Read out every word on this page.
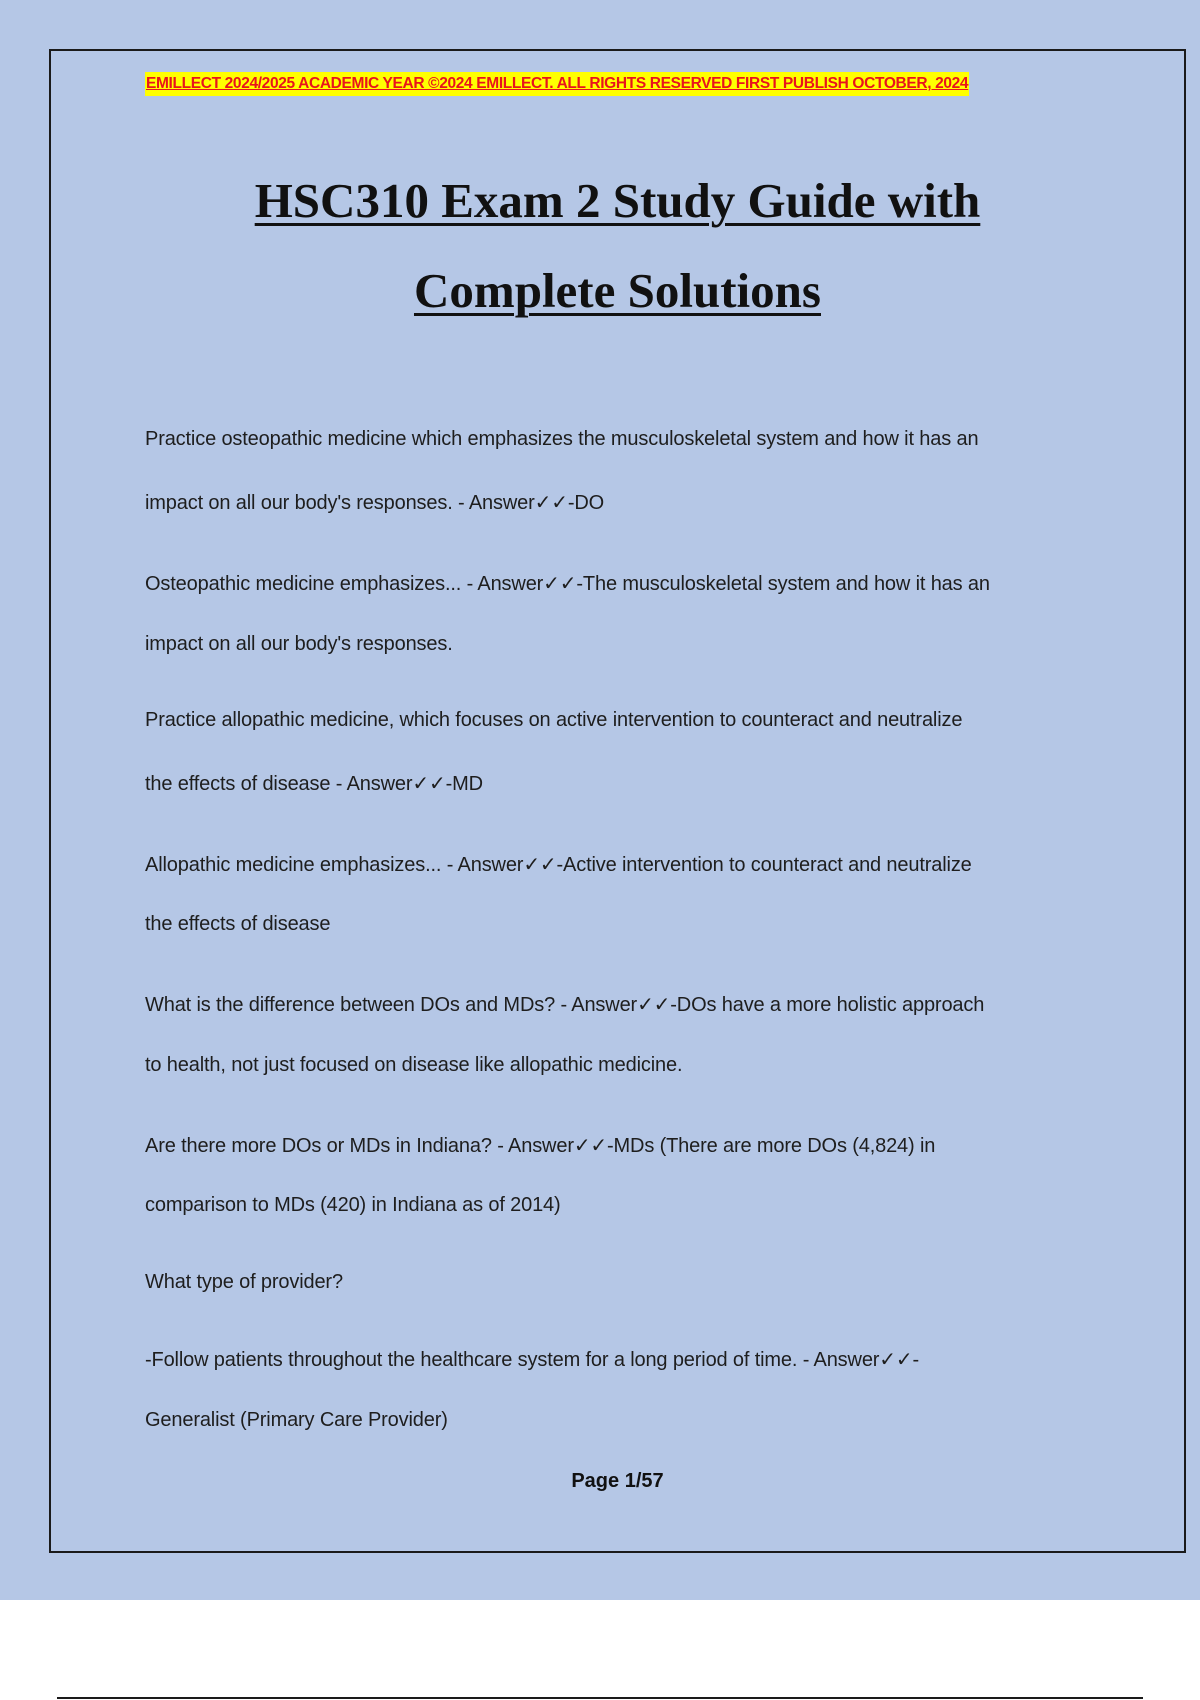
EMILLECT 2024/2025 ACADEMIC YEAR ©2024 EMILLECT. ALL RIGHTS RESERVED FIRST PUBLISH OCTOBER, 2024
HSC310 Exam 2 Study Guide with
Complete Solutions
Practice osteopathic medicine which emphasizes the musculoskeletal system and how it has an
impact on all our body's responses. - Answer✓✓-DO
Osteopathic medicine emphasizes... - Answer✓✓-The musculoskeletal system and how it has an
impact on all our body's responses.
Practice allopathic medicine, which focuses on active intervention to counteract and neutralize
the effects of disease - Answer✓✓-MD
Allopathic medicine emphasizes... - Answer✓✓-Active intervention to counteract and neutralize
the effects of disease
What is the difference between DOs and MDs? - Answer✓✓-DOs have a more holistic approach
to health, not just focused on disease like allopathic medicine.
Are there more DOs or MDs in Indiana? - Answer✓✓-MDs (There are more DOs (4,824) in
comparison to MDs (420) in Indiana as of 2014)
What type of provider?
-Follow patients throughout the healthcare system for a long period of time. - Answer✓✓-
Generalist (Primary Care Provider)
Page 1/57
